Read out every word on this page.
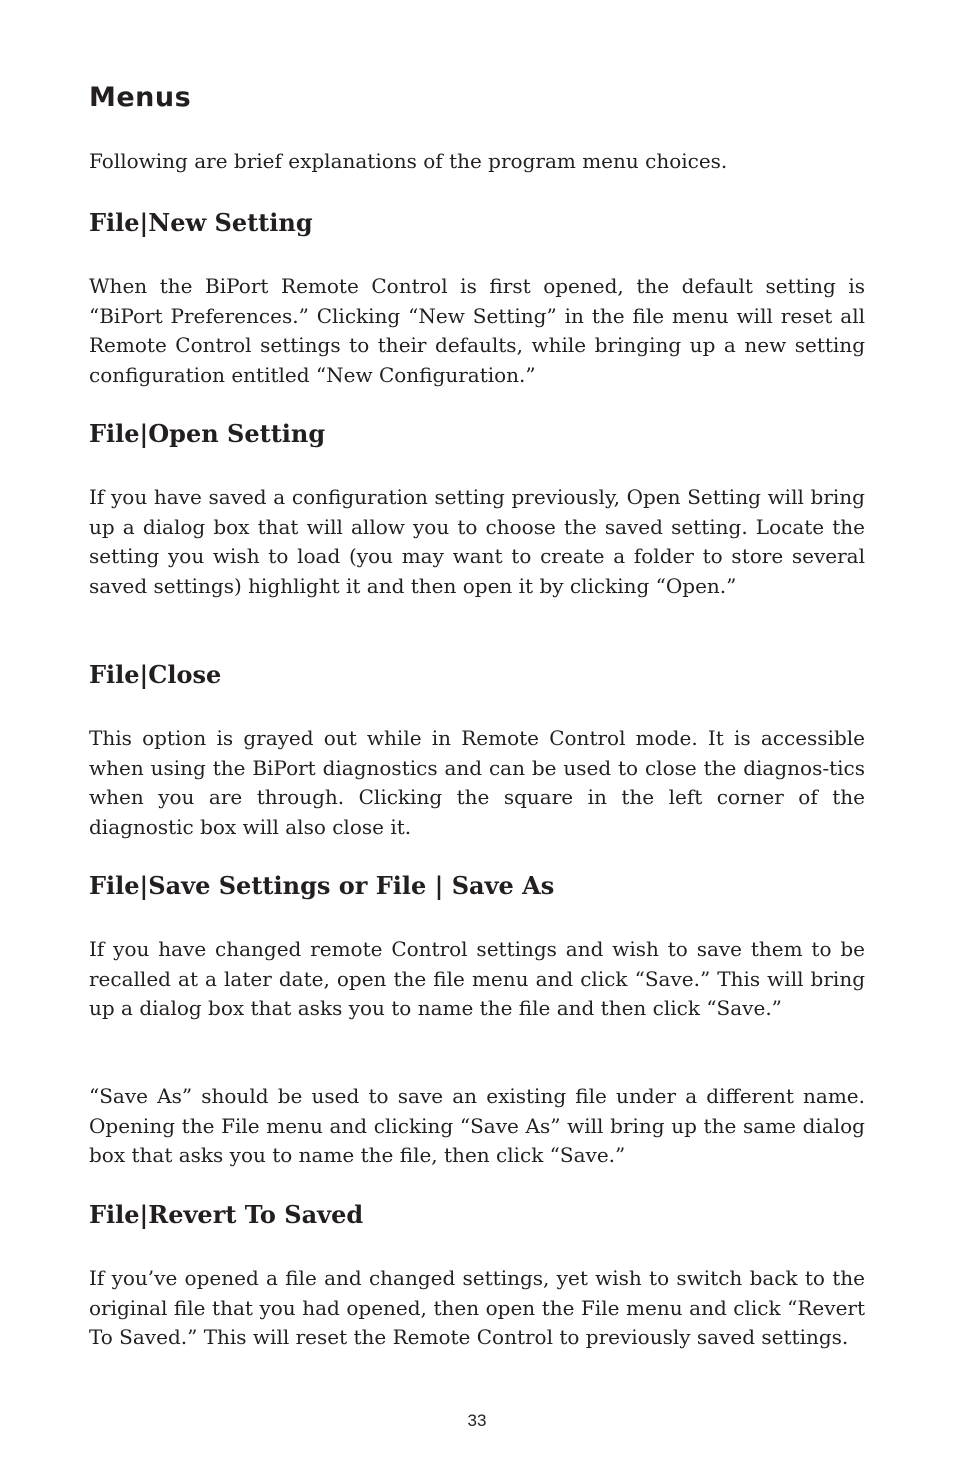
Menus

Following are brief explanations of the program menu choices.

File|New Setting

When the BiPort Remote Control is first opened, the default setting is “BiPort Preferences.” Clicking “New Setting” in the file menu will reset all Remote Control settings to their defaults, while bringing up a new setting configuration entitled “New Configuration.”

File|Open Setting

If you have saved a configuration setting previously, Open Setting will bring up a dialog box that will allow you to choose the saved setting. Locate the setting you wish to load (you may want to create a folder to store several saved settings) highlight it and then open it by clicking “Open.”

File|Close

This option is grayed out while in Remote Control mode. It is accessible when using the BiPort diagnostics and can be used to close the diagnos-tics when you are through. Clicking the square in the left corner of the diagnostic box will also close it.

File|Save Settings or File | Save As

If you have changed remote Control settings and wish to save them to be recalled at a later date, open the file menu and click “Save.” This will bring up a dialog box that asks you to name the file and then click “Save.”

“Save As” should be used to save an existing file under a different name. Opening the File menu and clicking “Save As” will bring up the same dialog box that asks you to name the file, then click “Save.”

File|Revert To Saved

If you’ve opened a file and changed settings, yet wish to switch back to the original file that you had opened, then open the File menu and click “Revert To Saved.” This will reset the Remote Control to previously saved settings.

33
